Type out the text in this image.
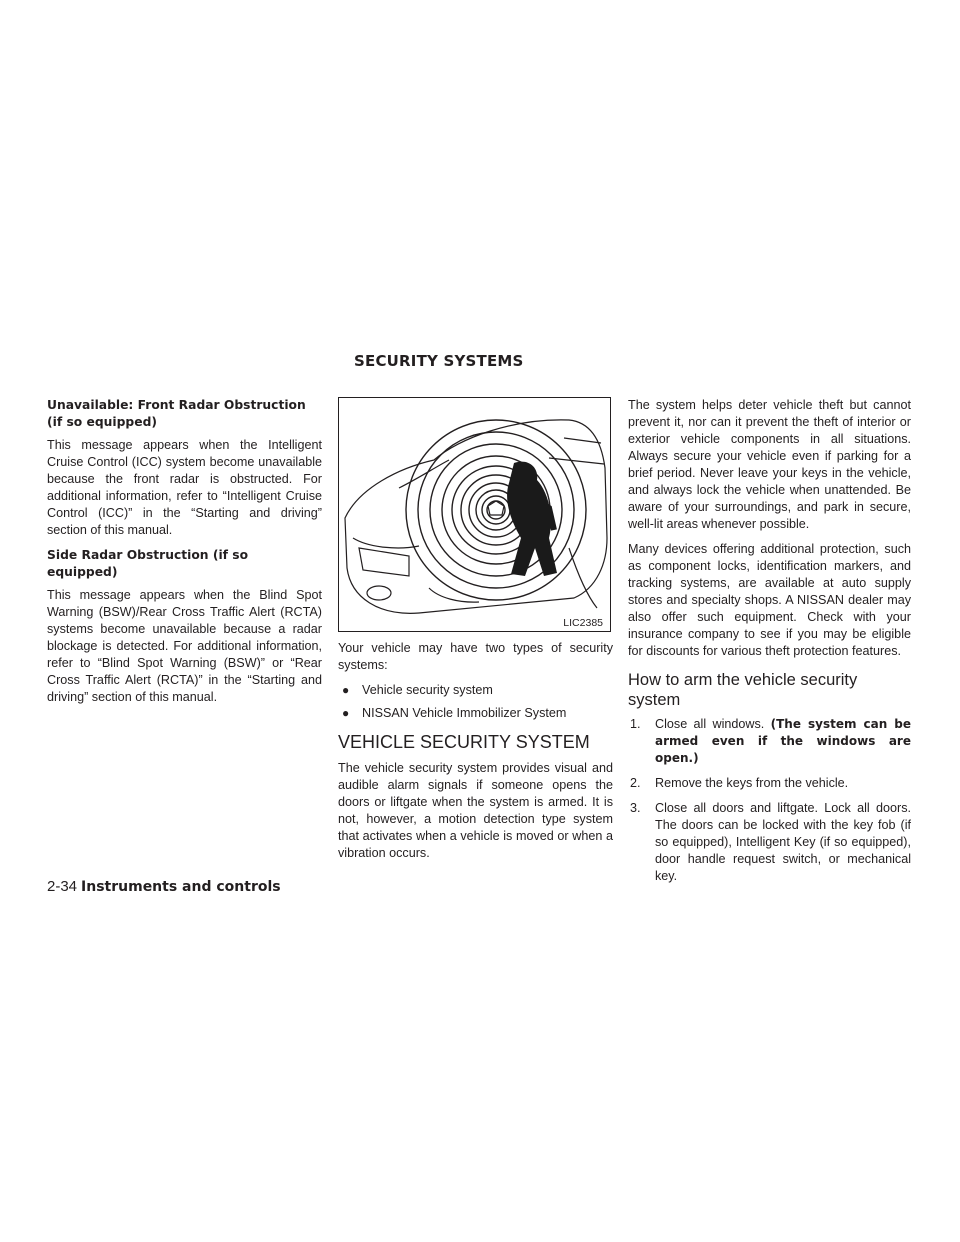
SECURITY SYSTEMS
Unavailable: Front Radar Obstruction (if so equipped)

This message appears when the Intelligent Cruise Control (ICC) system become unavailable because the front radar is obstructed. For additional information, refer to “Intelligent Cruise Control (ICC)” in the “Starting and driving” section of this manual.

Side Radar Obstruction (if so equipped)

This message appears when the Blind Spot Warning (BSW)/Rear Cross Traffic Alert (RCTA) systems become unavailable because a radar blockage is detected. For additional information, refer to “Blind Spot Warning (BSW)” or “Rear Cross Traffic Alert (RCTA)” in the “Starting and driving” section of this manual.

LIC2385

Your vehicle may have two types of security systems:

● Vehicle security system
● NISSAN Vehicle Immobilizer System
VEHICLE SECURITY SYSTEM

The vehicle security system provides visual and audible alarm signals if someone opens the doors or liftgate when the system is armed. It is not, however, a motion detection type system that activates when a vehicle is moved or when a vibration occurs.

The system helps deter vehicle theft but cannot prevent it, nor can it prevent the theft of interior or exterior vehicle components in all situations. Always secure your vehicle even if parking for a brief period. Never leave your keys in the vehicle, and always lock the vehicle when unattended. Be aware of your surroundings, and park in secure, well-lit areas whenever possible.

Many devices offering additional protection, such as component locks, identification markers, and tracking systems, are available at auto supply stores and specialty shops. A NISSAN dealer may also offer such equipment. Check with your insurance company to see if you may be eligible for discounts for various theft protection features.

How to arm the vehicle security system
1. Close all windows. (The system can be armed even if the windows are open.)
2. Remove the keys from the vehicle.
3. Close all doors and liftgate. Lock all doors. The doors can be locked with the key fob (if so equipped), Intelligent Key (if so equipped), door handle request switch, or mechanical key.
2-34 Instruments and controls
